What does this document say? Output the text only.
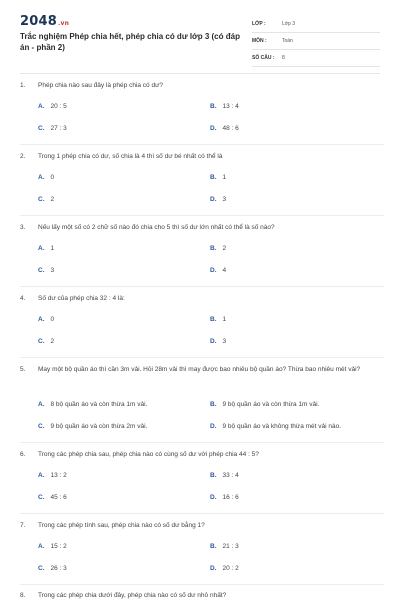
2048.vn
Trắc nghiệm Phép chia hết, phép chia có dư lớp 3 (có đáp án - phần 2)
LỚP :	Lớp 3
MÔN :	Toán
SỐ CÂU :	8
1.	Phép chia nào sau đây là phép chia có dư?
A. 20 : 5	B. 13 : 4
C. 27 : 3	D. 48 : 6
2.	Trong 1 phép chia có dư, số chia là 4 thì số dư bé nhất có thể là
A. 0	B. 1
C. 2	D. 3
3.	Nếu lấy một số có 2 chữ số nào đó chia cho 5 thì số dư lớn nhất có thể là số nào?
A. 1	B. 2
C. 3	D. 4
4.	Số dư của phép chia 32 : 4 là:
A. 0	B. 1
C. 2	D. 3
5.	May một bộ quần áo thì cần 3m vải. Hỏi 28m vải thì may được bao nhiêu bộ quần áo? Thừa bao nhiêu mét vải?
A. 8 bộ quần áo và còn thừa 1m vải.	B. 9 bộ quần áo và còn thừa 1m vải.
C. 9 bộ quần áo và còn thừa 2m vải.	D. 9 bộ quần áo và không thừa mét vải nào.
6.	Trong các phép chia sau, phép chia nào có cùng số dư với phép chia 44 : 5?
A. 13 : 2	B. 33 : 4
C. 45 : 6	D. 16 : 6
7.	Trong các phép tính sau, phép chia nào có số dư bằng 1?
A. 15 : 2	B. 21 : 3
C. 26 : 3	D. 20 : 2
8.	Trong các phép chia dưới đây, phép chia nào có số dư nhỏ nhất?
